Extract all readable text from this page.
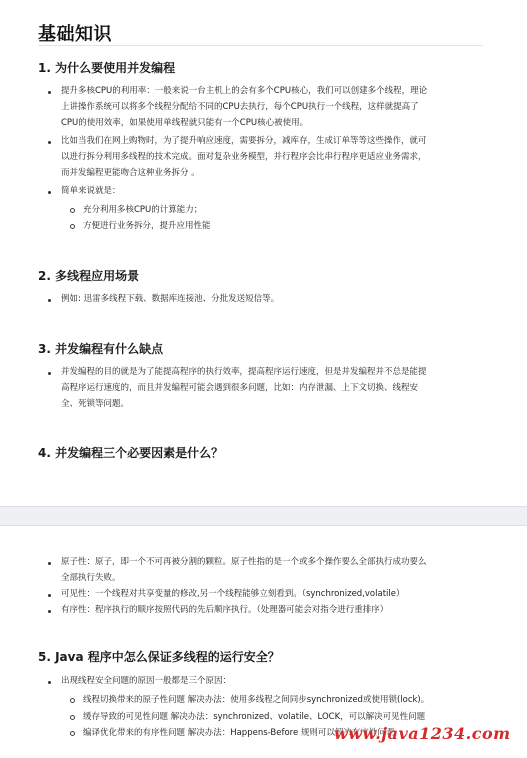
基础知识
1. 为什么要使用并发编程
提升多核CPU的利用率：一般来说一台主机上的会有多个CPU核心，我们可以创建多个线程，理论
上讲操作系统可以将多个线程分配给不同的CPU去执行，每个CPU执行一个线程，这样就提高了
CPU的使用效率，如果使用单线程就只能有一个CPU核心被使用。
比如当我们在网上购物时，为了提升响应速度，需要拆分，减库存，生成订单等等这些操作，就可
以进行拆分利用多线程的技术完成。面对复杂业务模型，并行程序会比串行程序更适应业务需求，
而并发编程更能吻合这种业务拆分 。
简单来说就是：
充分利用多核CPU的计算能力；
方便进行业务拆分，提升应用性能
2. 多线程应用场景
例如: 迅雷多线程下载、数据库连接池、分批发送短信等。
3. 并发编程有什么缺点
并发编程的目的就是为了能提高程序的执行效率，提高程序运行速度，但是并发编程并不总是能提
高程序运行速度的，而且并发编程可能会遇到很多问题，比如：内存泄漏、上下文切换、线程安
全、死锁等问题。
4. 并发编程三个必要因素是什么？
原子性：原子，即一个不可再被分割的颗粒。原子性指的是一个或多个操作要么全部执行成功要么
全部执行失败。
可见性：一个线程对共享变量的修改,另一个线程能够立刻看到。（synchronized,volatile）
有序性：程序执行的顺序按照代码的先后顺序执行。（处理器可能会对指令进行重排序）
5. Java 程序中怎么保证多线程的运行安全？
出现线程安全问题的原因一般都是三个原因：
线程切换带来的原子性问题 解决办法：使用多线程之间同步synchronized或使用锁(lock)。
缓存导致的可见性问题 解决办法：synchronized、volatile、LOCK，可以解决可见性问题
编译优化带来的有序性问题 解决办法：Happens-Before 规则可以解决有序性问题
www.java1234.com
